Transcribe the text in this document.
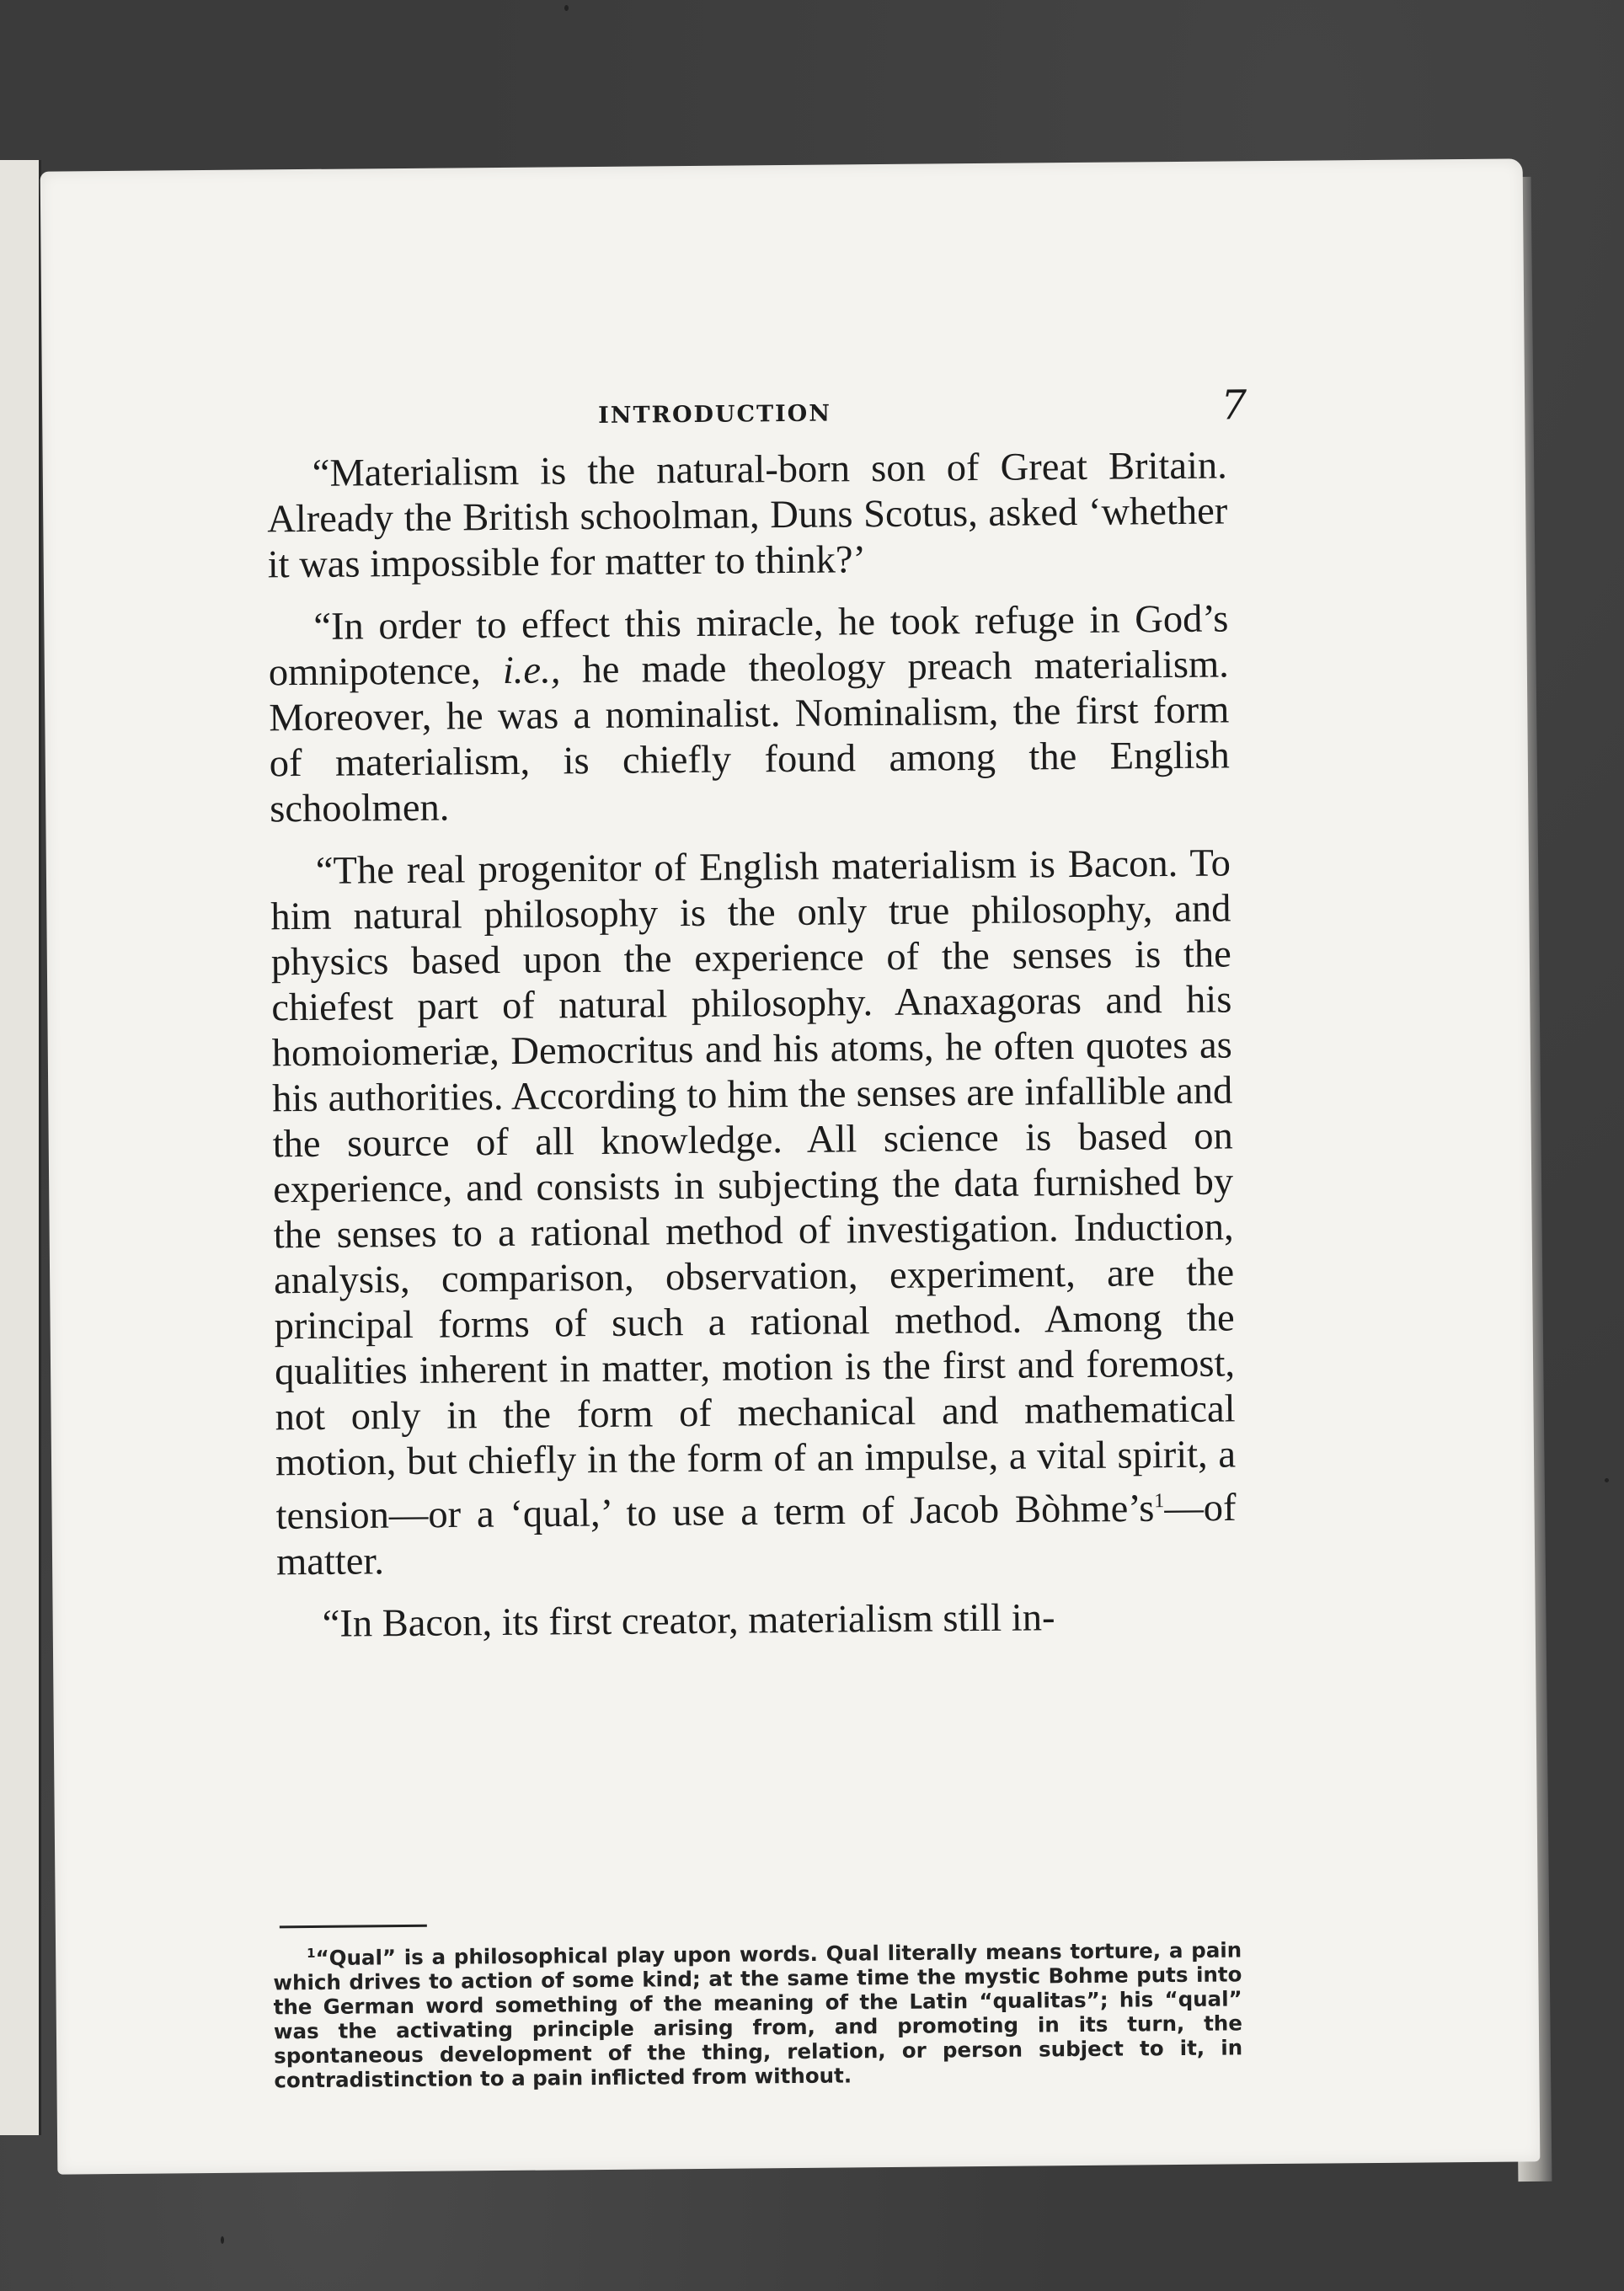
INTRODUCTION	7

“Materialism is the natural-born son of Great Britain. Already the British schoolman, Duns Scotus, asked ‘whether it was impossible for matter to think?’

“In order to effect this miracle, he took refuge in God’s omnipotence, i.e., he made theology preach materialism. Moreover, he was a nominalist. Nominalism, the first form of materialism, is chiefly found among the English schoolmen.

“The real progenitor of English materialism is Bacon. To him natural philosophy is the only true philosophy, and physics based upon the experience of the senses is the chiefest part of natural philosophy. Anaxagoras and his homoiomeriæ, Democritus and his atoms, he often quotes as his authorities. According to him the senses are infallible and the source of all knowledge. All science is based on experience, and consists in subjecting the data furnished by the senses to a rational method of investigation. Induction, analysis, comparison, observation, experiment, are the principal forms of such a rational method. Among the qualities inherent in matter, motion is the first and foremost, not only in the form of mechanical and mathematical motion, but chiefly in the form of an impulse, a vital spirit, a tension—or a ‘qual,’ to use a term of Jacob Bòhme’s$^1$—of matter.

“In Bacon, its first creator, materialism still in-

$^1$“Qual” is a philosophical play upon words. Qual literally means torture, a pain which drives to action of some kind; at the same time the mystic Bohme puts into the German word something of the meaning of the Latin “qualitas”; his “qual” was the activating principle arising from, and promoting in its turn, the spontaneous development of the thing, relation, or person subject to it, in contradistinction to a pain inflicted from without.
